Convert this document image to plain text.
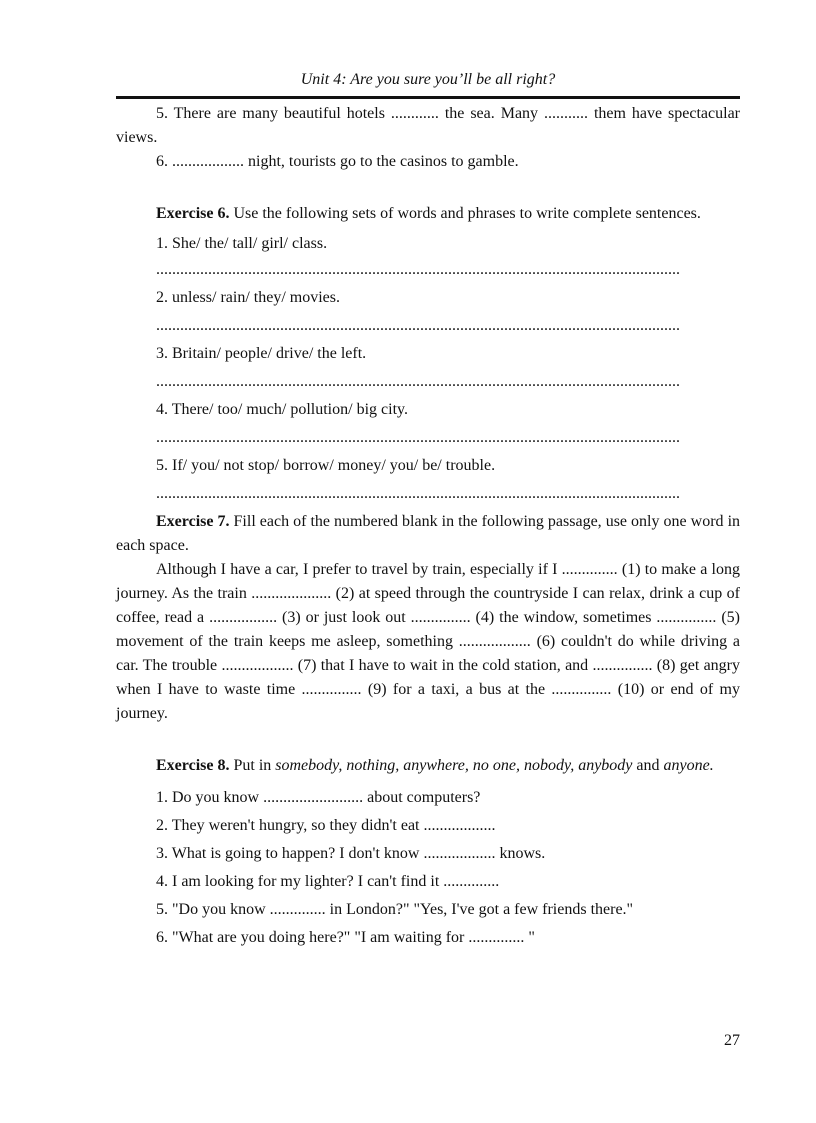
Unit 4: Are you sure you’ll be all right?

5. There are many beautiful hotels ............ the sea. Many ........... them have spectacular views.

6. .................. night, tourists go to the casinos to gamble.

Exercise 6. Use the following sets of words and phrases to write complete sentences.

1. She/ the/ tall/ girl/ class.
...................................................................................................................................
2. unless/ rain/ they/ movies.
...................................................................................................................................
3. Britain/ people/ drive/ the left.
...................................................................................................................................
4. There/ too/ much/ pollution/ big city.
...................................................................................................................................
5. If/ you/ not stop/ borrow/ money/ you/ be/ trouble.
...................................................................................................................................

Exercise 7. Fill each of the numbered blank in the following passage, use only one word in each space.

Although I have a car, I prefer to travel by train, especially if I .............. (1) to make a long journey. As the train .................... (2) at speed through the countryside I can relax, drink a cup of coffee, read a ................. (3) or just look out ............... (4) the window, sometimes ............... (5) movement of the train keeps me asleep, something .................. (6) couldn't do while driving a car. The trouble .................. (7) that I have to wait in the cold station, and ............... (8) get angry when I have to waste time ............... (9) for a taxi, a bus at the ............... (10) or end of my journey.

Exercise 8. Put in somebody, nothing, anywhere, no one, nobody, anybody and anyone.

1. Do you know ......................... about computers?
2. They weren't hungry, so they didn't eat ..................
3. What is going to happen? I don't know .................. knows.
4. I am looking for my lighter? I can't find it ..............
5. "Do you know .............. in London?" "Yes, I've got a few friends there."
6. "What are you doing here?" "I am waiting for .............. "
27
